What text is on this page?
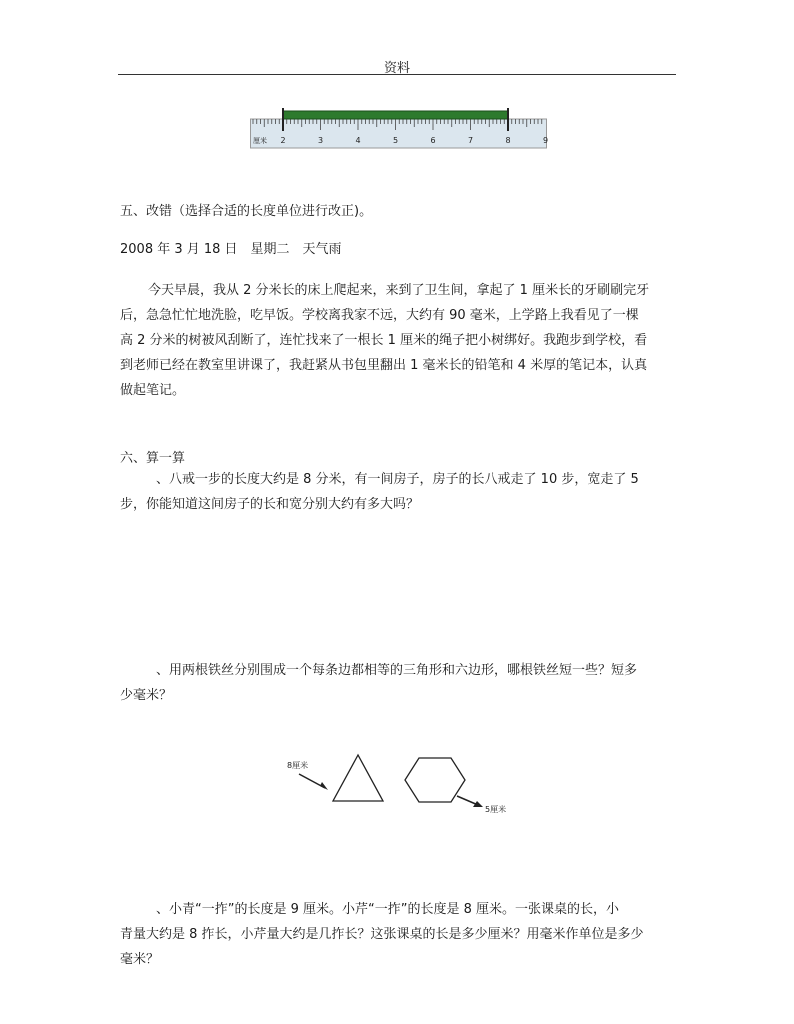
资料
厘米 2	3	4	5	6	7	8	9
五、改错（选择合适的长度单位进行改正)。
2008 年 3 月 18 日　星期二　天气雨
今天早晨，我从 2 分米长的床上爬起来，来到了卫生间，拿起了 1 厘米长的牙刷刷完牙
后，急急忙忙地洗脸，吃早饭。学校离我家不远，大约有 90 毫米，上学路上我看见了一棵
高 2 分米的树被风刮断了，连忙找来了一根长 1 厘米的绳子把小树绑好。我跑步到学校，看
到老师已经在教室里讲课了，我赶紧从书包里翻出 1 毫米长的铅笔和 4 米厚的笔记本，认真
做起笔记。
六、算一算
、八戒一步的长度大约是 8 分米，有一间房子，房子的长八戒走了 10 步，宽走了 5
步，你能知道这间房子的长和宽分别大约有多大吗？
、用两根铁丝分别围成一个每条边都相等的三角形和六边形，哪根铁丝短一些？短多
少毫米？
8厘米
5厘米
、小青“一拃”的长度是 9 厘米。小芹“一拃”的长度是 8 厘米。一张课桌的长，小
青量大约是 8 拃长，小芹量大约是几拃长？这张课桌的长是多少厘米？用毫米作单位是多少
毫米？
